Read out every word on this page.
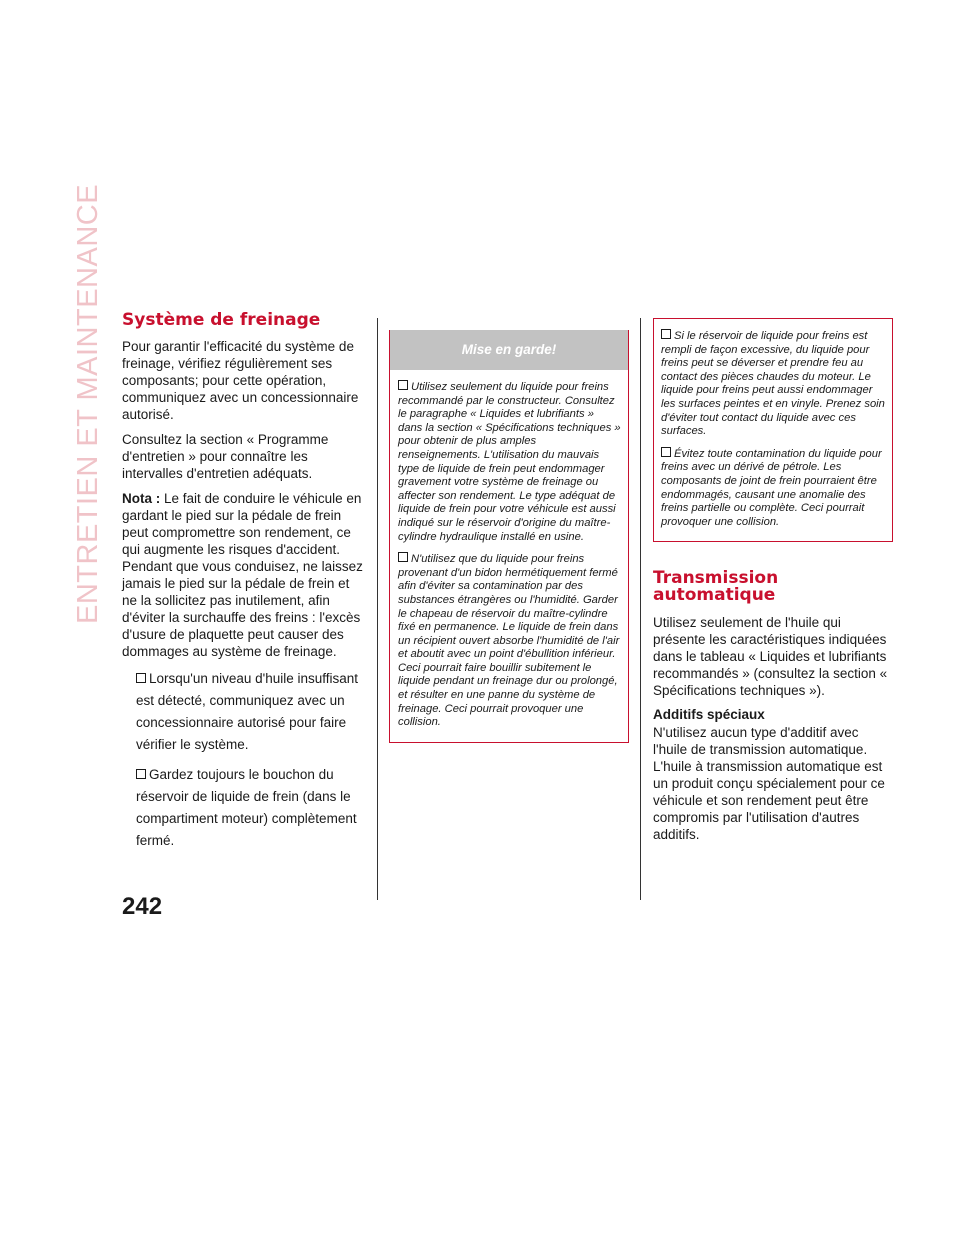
ENTRETIEN ET MAINTENANCE
242
Système de freinage

Pour garantir l'efficacité du système de freinage, vérifiez régulièrement ses composants; pour cette opération, communiquez avec un concessionnaire autorisé.

Consultez la section « Programme d'entretien » pour connaître les intervalles d'entretien adéquats.

Nota : Le fait de conduire le véhicule en gardant le pied sur la pédale de frein peut compromettre son rendement, ce qui augmente les risques d'accident. Pendant que vous conduisez, ne laissez jamais le pied sur la pédale de frein et ne la sollicitez pas inutilement, afin d'éviter la surchauffe des freins : l'excès d'usure de plaquette peut causer des dommages au système de freinage.

Lorsqu'un niveau d'huile insuffisant est détecté, communiquez avec un concessionnaire autorisé pour faire vérifier le système.
Gardez toujours le bouchon du réservoir de liquide de frein (dans le compartiment moteur) complètement fermé.
Mise en garde!
Utilisez seulement du liquide pour freins recommandé par le constructeur. Consultez le paragraphe « Liquides et lubrifiants » dans la section « Spécifications techniques » pour obtenir de plus amples renseignements. L'utilisation du mauvais type de liquide de frein peut endommager gravement votre système de freinage ou affecter son rendement. Le type adéquat de liquide de frein pour votre véhicule est aussi indiqué sur le réservoir d'origine du maître-cylindre hydraulique installé en usine.
N'utilisez que du liquide pour freins provenant d'un bidon hermétiquement fermé afin d'éviter sa contamination par des substances étrangères ou l'humidité. Garder le chapeau de réservoir du maître-cylindre fixé en permanence. Le liquide de frein dans un récipient ouvert absorbe l'humidité de l'air et aboutit avec un point d'ébullition inférieur. Ceci pourrait faire bouillir subitement le liquide pendant un freinage dur ou prolongé, et résulter en une panne du système de freinage. Ceci pourrait provoquer une collision.
Si le réservoir de liquide pour freins est rempli de façon excessive, du liquide pour freins peut se déverser et prendre feu au contact des pièces chaudes du moteur. Le liquide pour freins peut aussi endommager les surfaces peintes et en vinyle. Prenez soin d'éviter tout contact du liquide avec ces surfaces.
Évitez toute contamination du liquide pour freins avec un dérivé de pétrole. Les composants de joint de frein pourraient être endommagés, causant une anomalie des freins partielle ou complète. Ceci pourrait provoquer une collision.
Transmission
automatique

Utilisez seulement de l'huile qui présente les caractéristiques indiquées dans le tableau « Liquides et lubrifiants recommandés » (consultez la section « Spécifications techniques »).

Additifs spéciaux

N'utilisez aucun type d'additif avec l'huile de transmission automatique. L'huile à transmission automatique est un produit conçu spécialement pour ce véhicule et son rendement peut être compromis par l'utilisation d'autres additifs.
